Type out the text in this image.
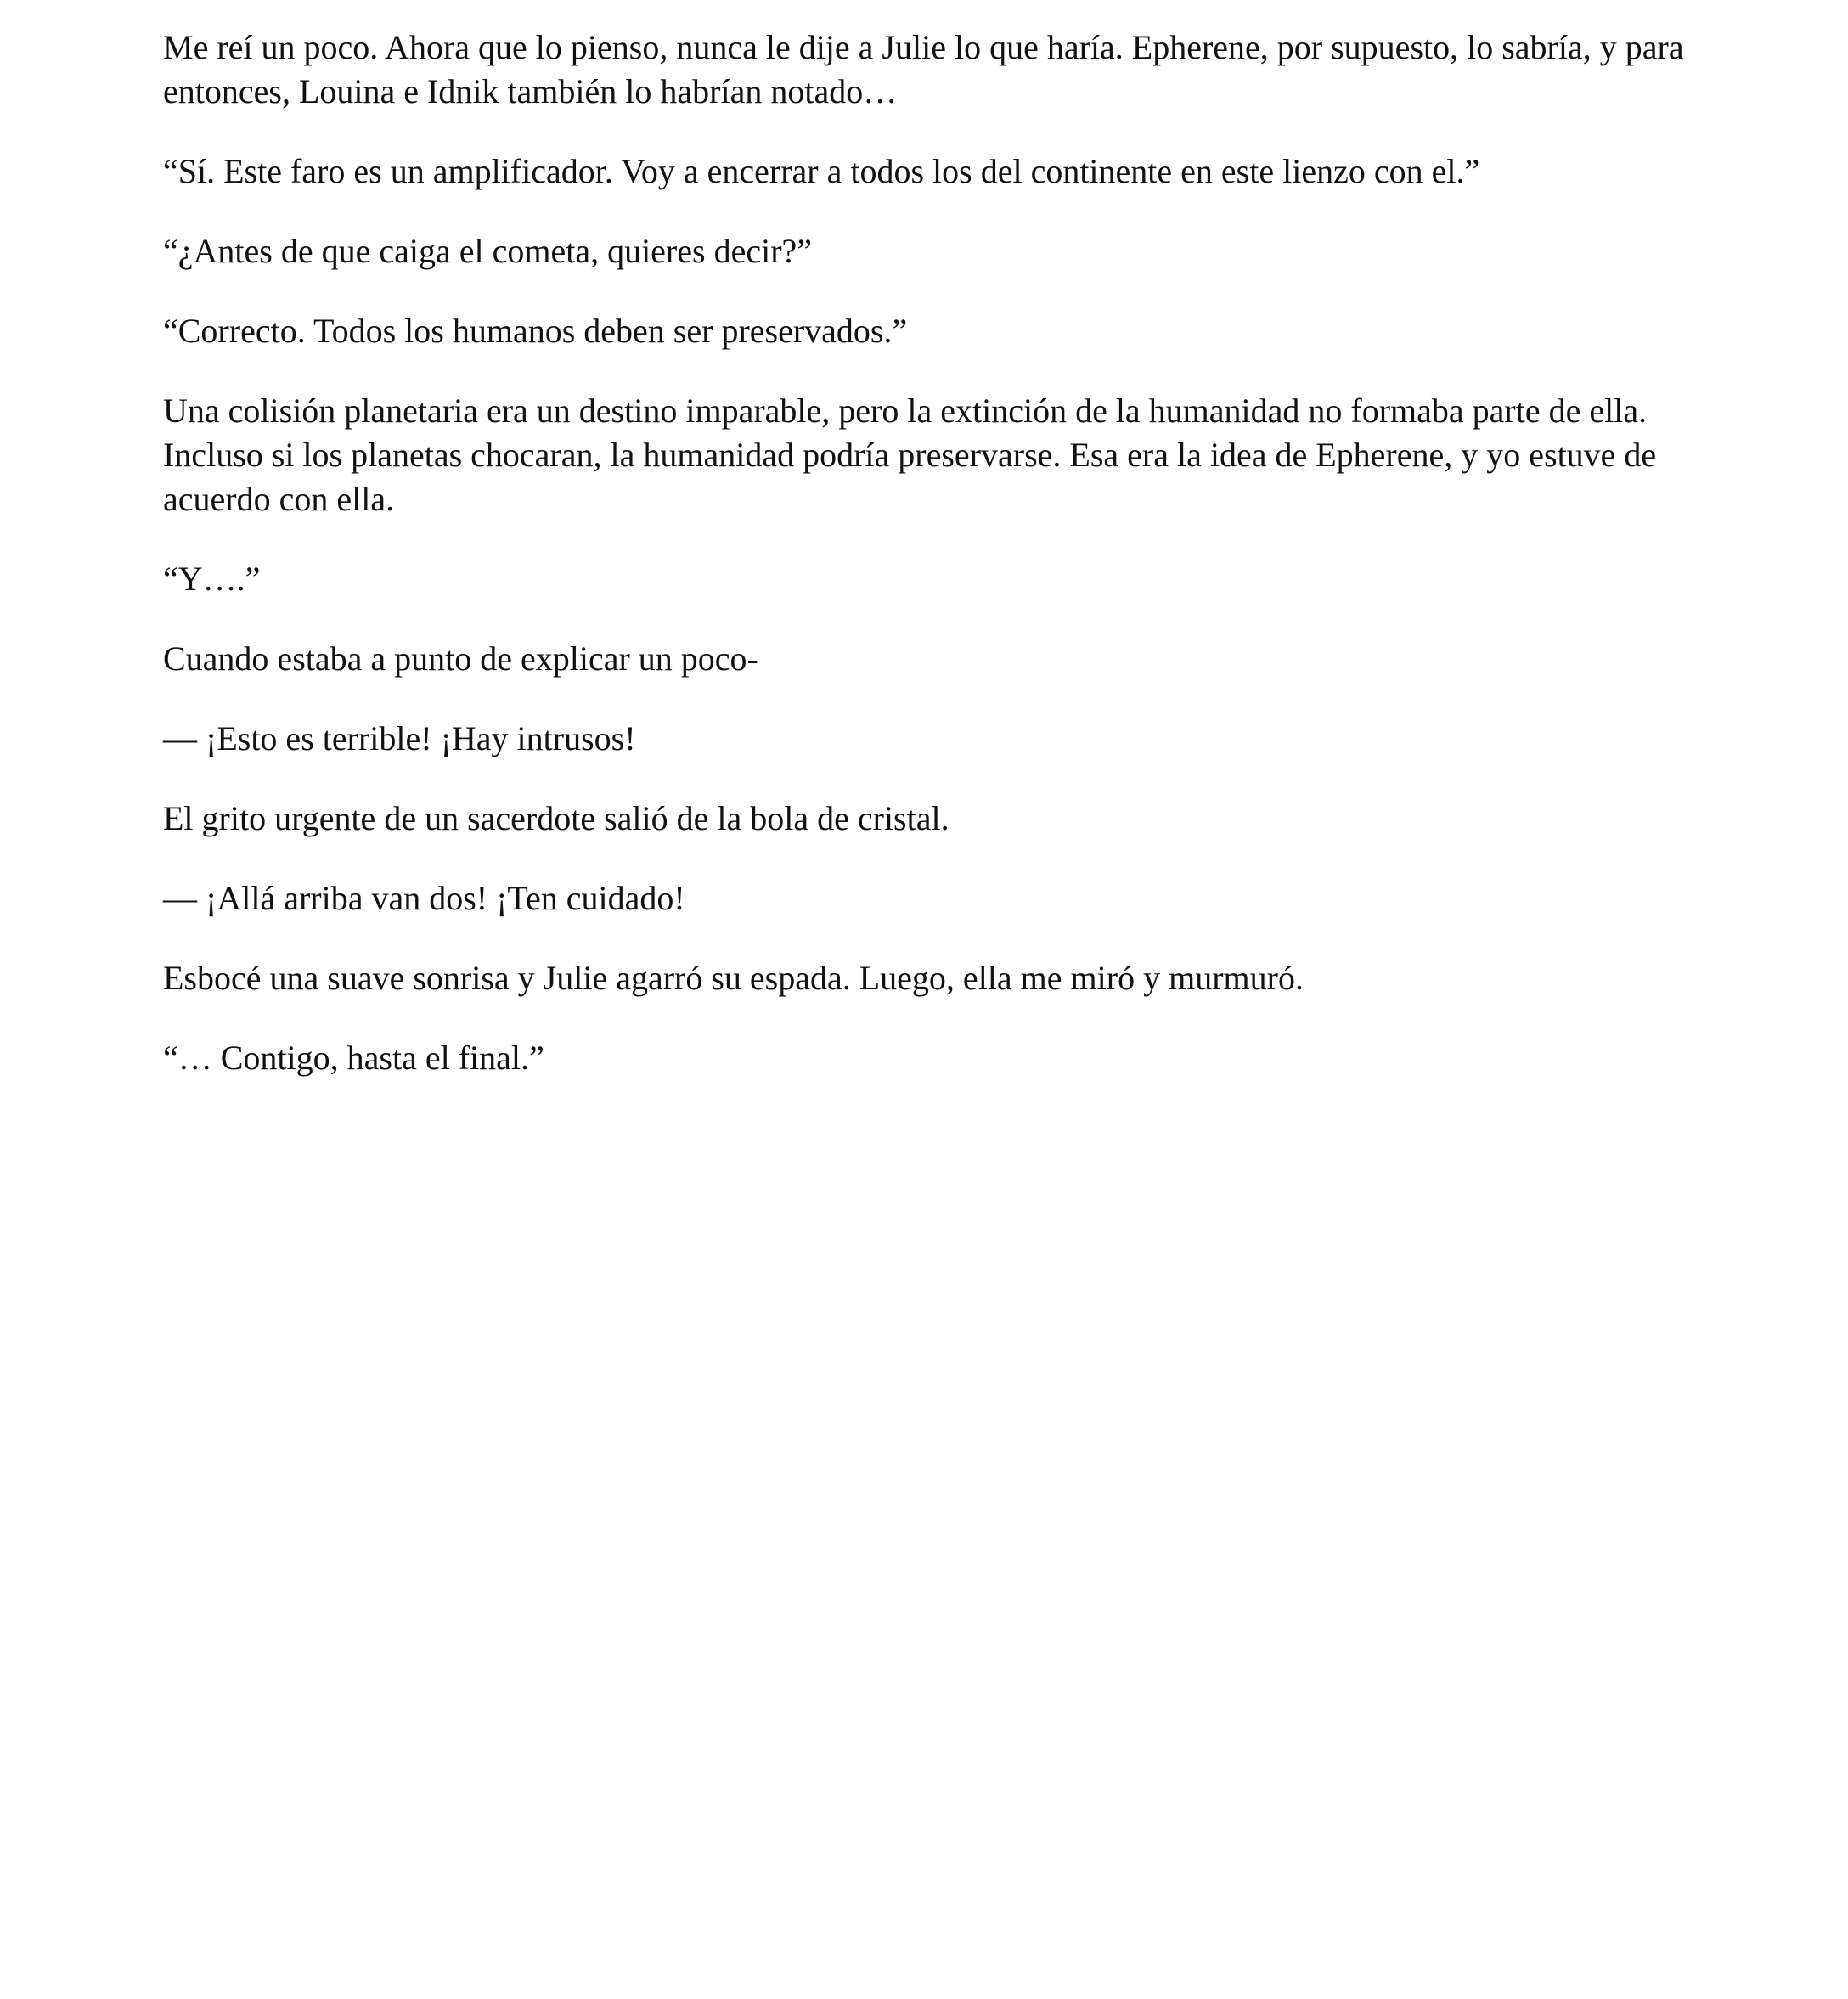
Me reí un poco. Ahora que lo pienso, nunca le dije a Julie lo que haría. Epherene, por supuesto, lo sabría, y para entonces, Louina e Idnik también lo habrían notado…

“Sí. Este faro es un amplificador. Voy a encerrar a todos los del continente en este lienzo con el.”

“¿Antes de que caiga el cometa, quieres decir?”

“Correcto. Todos los humanos deben ser preservados.”

Una colisión planetaria era un destino imparable, pero la extinción de la humanidad no formaba parte de ella. Incluso si los planetas chocaran, la humanidad podría preservarse. Esa era la idea de Epherene, y yo estuve de acuerdo con ella.

“Y….”

Cuando estaba a punto de explicar un poco-

— ¡Esto es terrible! ¡Hay intrusos!

El grito urgente de un sacerdote salió de la bola de cristal.

— ¡Allá arriba van dos! ¡Ten cuidado!

Esbocé una suave sonrisa y Julie agarró su espada. Luego, ella me miró y murmuró.

“… Contigo, hasta el final.”
